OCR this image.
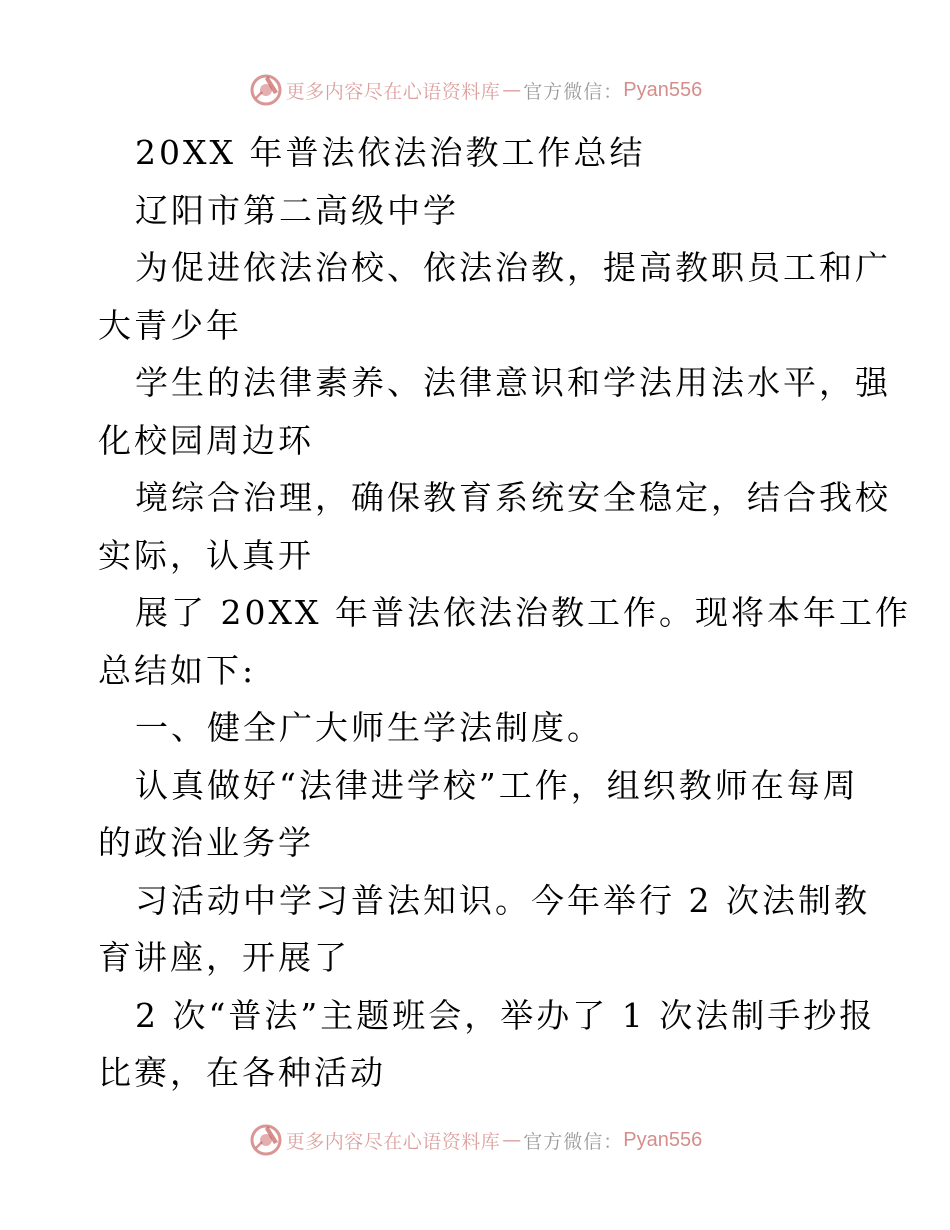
更多内容尽在心语资料库 — 官方微信： Pyan556
20XX 年普法依法治教工作总结
辽阳市第二高级中学
为促进依法治校、依法治教，提高教职员工和广
大青少年
学生的法律素养、法律意识和学法用法水平，强
化校园周边环
境综合治理，确保教育系统安全稳定，结合我校
实际，认真开
展了 20XX 年普法依法治教工作。现将本年工作
总结如下:
一、健全广大师生学法制度。
认真做好“法律进学校”工作，组织教师在每周
的政治业务学
习活动中学习普法知识。今年举行 2 次法制教
育讲座，开展了
2 次“普法”主题班会，举办了 1 次法制手抄报
比赛，在各种活动
更多内容尽在心语资料库 — 官方微信： Pyan556
